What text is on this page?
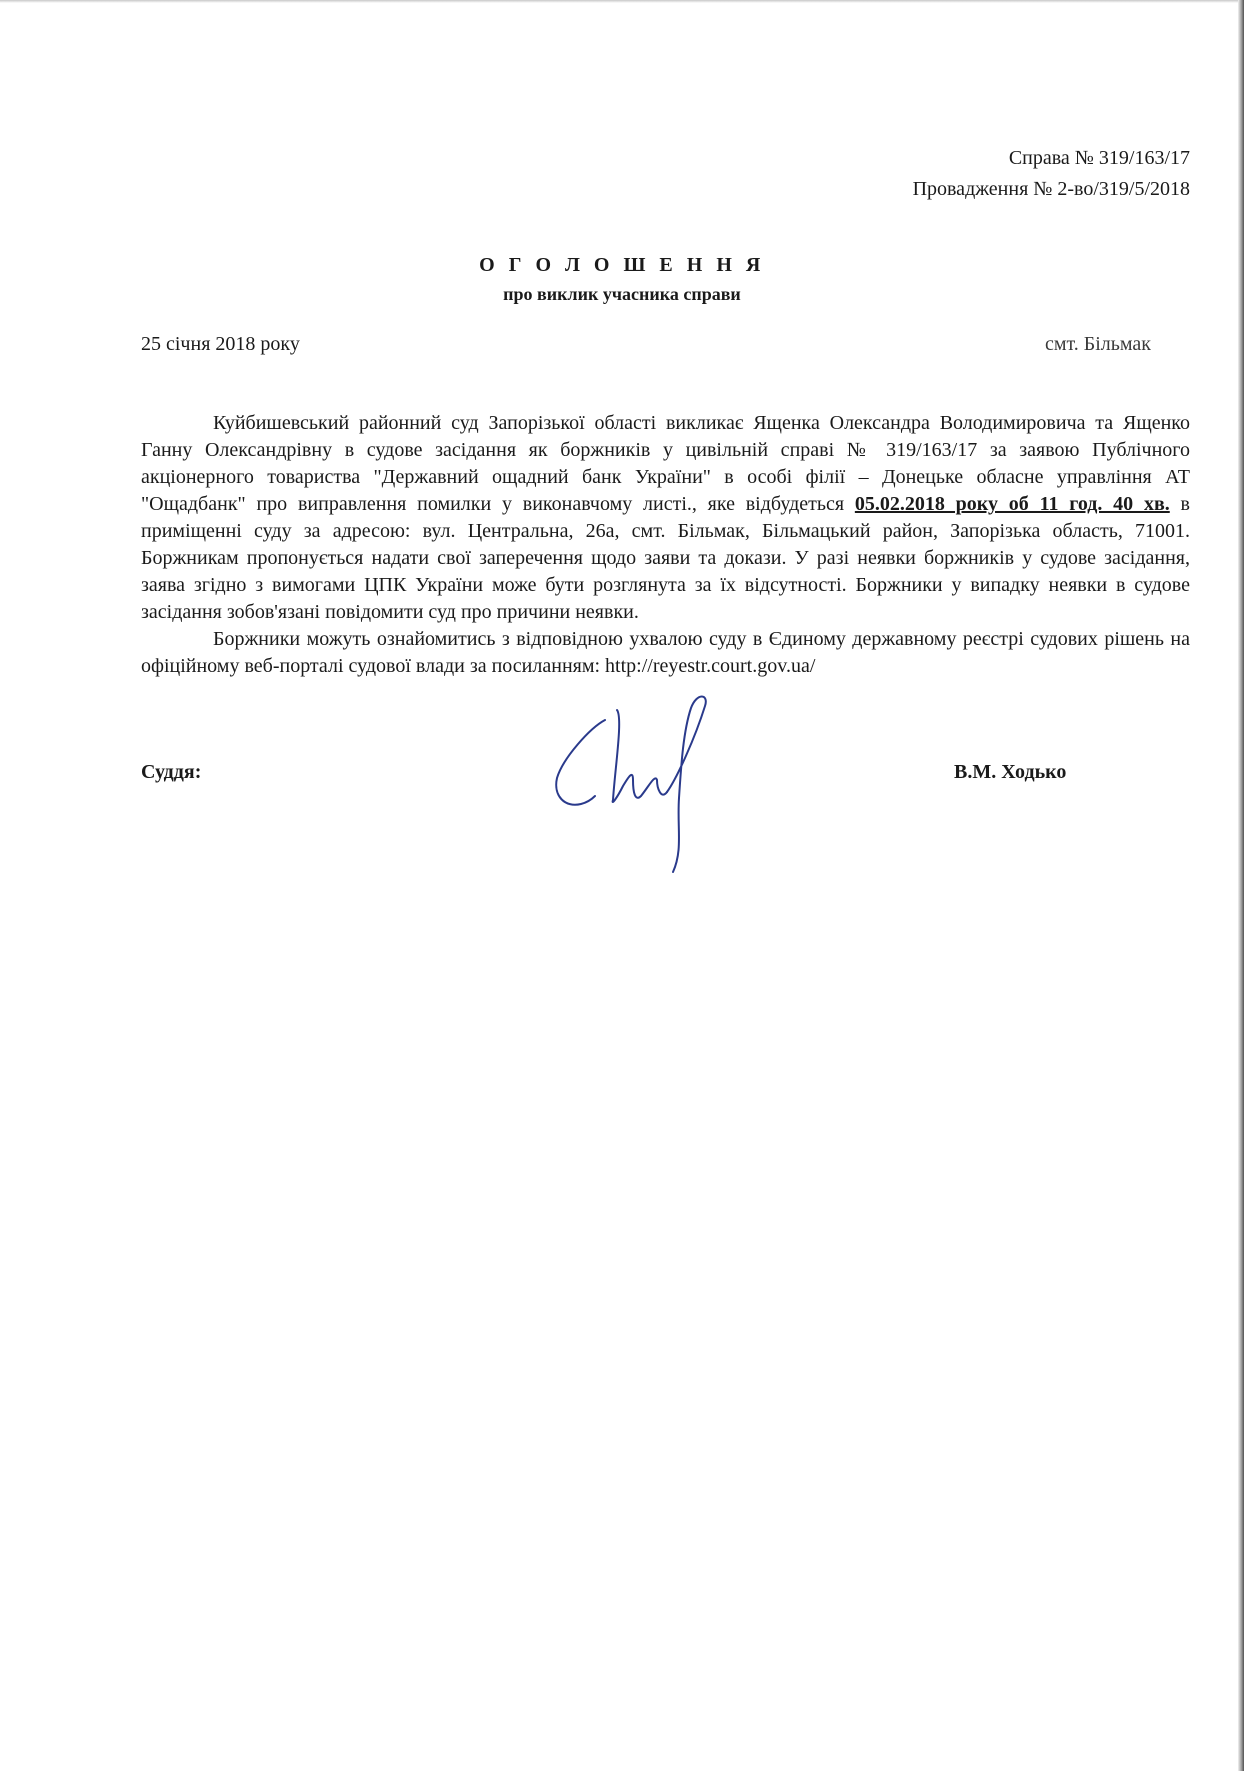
Справа № 319/163/17
Провадження № 2-во/319/5/2018
О Г О Л О Ш Е Н Н Я
про виклик учасника справи
25 січня 2018 року	смт. Більмак

Куйбишевський районний суд Запорізької області викликає Ященка Олександра Володимировича та Ященко Ганну Олександрівну в судове засідання як боржників у цивільній справі № 319/163/17 за заявою Публічного акціонерного товариства "Державний ощадний банк України" в особі філії – Донецьке обласне управління АТ "Ощадбанк" про виправлення помилки у виконавчому листі., яке відбудеться 05.02.2018 року об 11 год. 40 хв. в приміщенні суду за адресою: вул. Центральна, 26а, смт. Більмак, Більмацький район, Запорізька область, 71001. Боржникам пропонується надати свої заперечення щодо заяви та докази. У разі неявки боржників у судове засідання, заява згідно з вимогами ЦПК України може бути розглянута за їх відсутності. Боржники у випадку неявки в судове засідання зобов'язані повідомити суд про причини неявки.

Боржники можуть ознайомитись з відповідною ухвалою суду в Єдиному державному реєстрі судових рішень на офіційному веб-порталі судової влади за посиланням: http://reyestr.court.gov.ua/

Суддя:	В.М. Ходько
